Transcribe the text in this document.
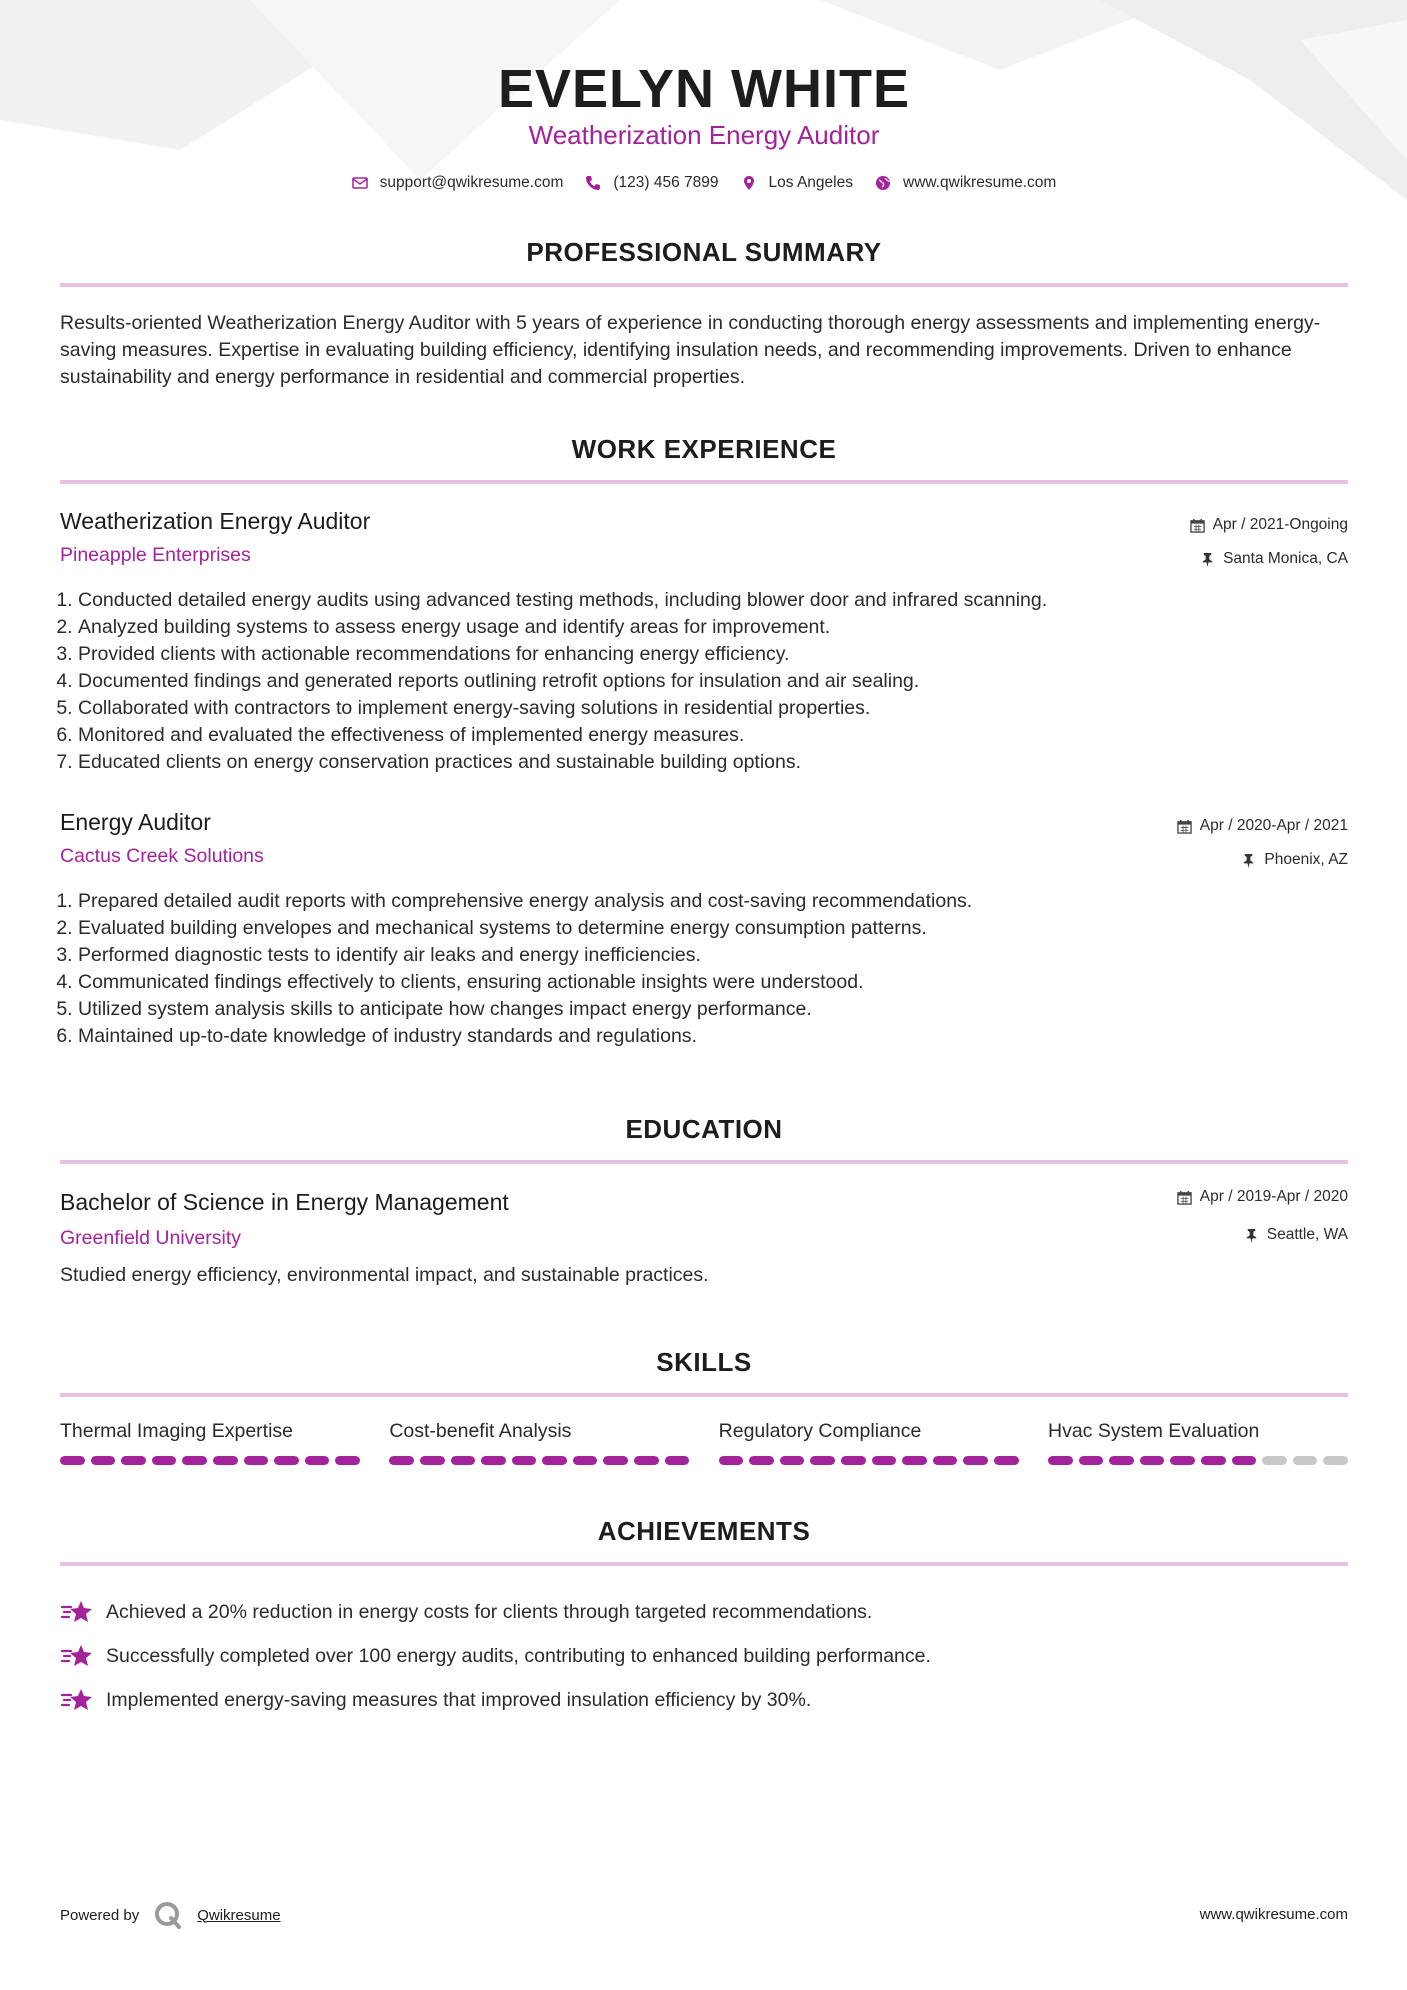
EVELYN WHITE
Weatherization Energy Auditor
support@qwikresume.com	(123) 456 7899	Los Angeles	www.qwikresume.com
PROFESSIONAL SUMMARY
Results-oriented Weatherization Energy Auditor with 5 years of experience in conducting thorough energy assessments and implementing energy-saving measures. Expertise in evaluating building efficiency, identifying insulation needs, and recommending improvements. Driven to enhance sustainability and energy performance in residential and commercial properties.
WORK EXPERIENCE
Weatherization Energy Auditor
Pineapple Enterprises
Apr / 2021-Ongoing
Santa Monica, CA
1. Conducted detailed energy audits using advanced testing methods, including blower door and infrared scanning.
2. Analyzed building systems to assess energy usage and identify areas for improvement.
3. Provided clients with actionable recommendations for enhancing energy efficiency.
4. Documented findings and generated reports outlining retrofit options for insulation and air sealing.
5. Collaborated with contractors to implement energy-saving solutions in residential properties.
6. Monitored and evaluated the effectiveness of implemented energy measures.
7. Educated clients on energy conservation practices and sustainable building options.
Energy Auditor
Cactus Creek Solutions
Apr / 2020-Apr / 2021
Phoenix, AZ
1. Prepared detailed audit reports with comprehensive energy analysis and cost-saving recommendations.
2. Evaluated building envelopes and mechanical systems to determine energy consumption patterns.
3. Performed diagnostic tests to identify air leaks and energy inefficiencies.
4. Communicated findings effectively to clients, ensuring actionable insights were understood.
5. Utilized system analysis skills to anticipate how changes impact energy performance.
6. Maintained up-to-date knowledge of industry standards and regulations.
EDUCATION
Bachelor of Science in Energy Management
Greenfield University
Apr / 2019-Apr / 2020
Seattle, WA
Studied energy efficiency, environmental impact, and sustainable practices.
SKILLS
Thermal Imaging Expertise	Cost-benefit Analysis	Regulatory Compliance	Hvac System Evaluation
ACHIEVEMENTS
Achieved a 20% reduction in energy costs for clients through targeted recommendations.
Successfully completed over 100 energy audits, contributing to enhanced building performance.
Implemented energy-saving measures that improved insulation efficiency by 30%.
Powered by	Qwikresume	www.qwikresume.com
